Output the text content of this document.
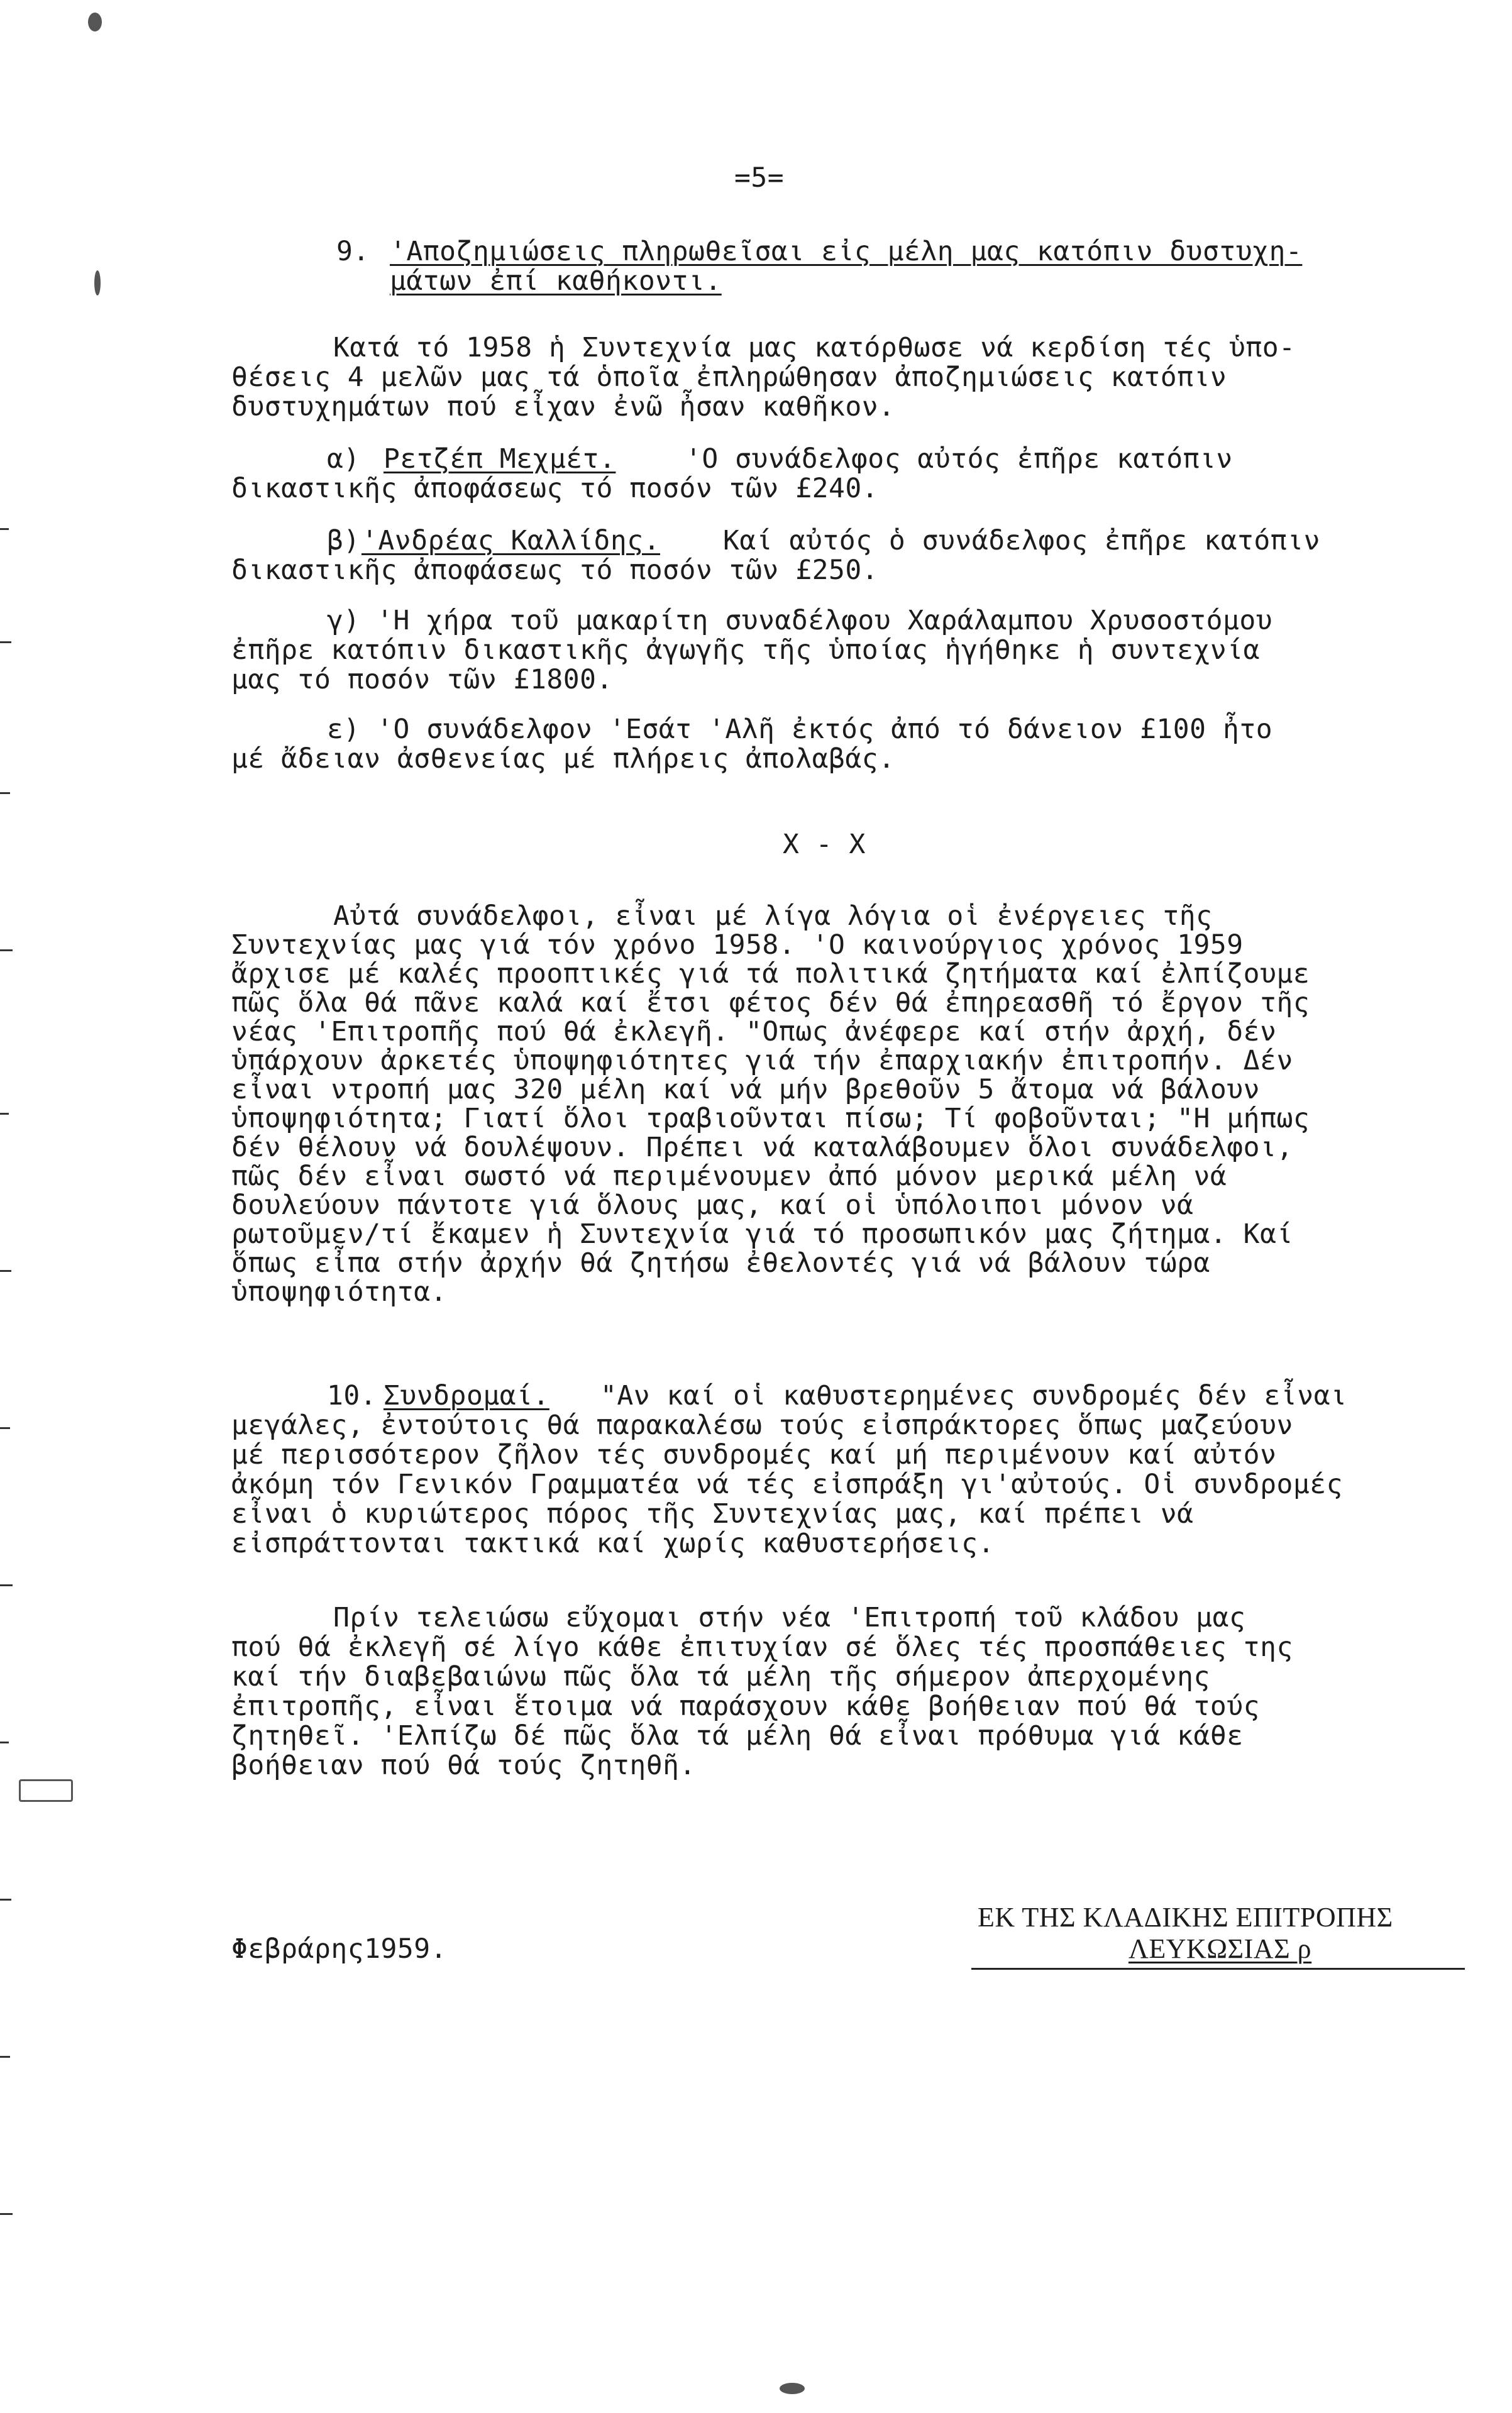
=5=
9. 'Αποζημιώσεις πληρωθεῖσαι εἰς μέλη μας κατόπιν δυστυχη-
μάτων ἐπί καθήκοντι.
Κατά τό 1958 ἡ Συντεχνία μας κατόρθωσε νά κερδίση τές ὑπο-
θέσεις 4 μελῶν μας τά ὁποῖα ἐπληρώθησαν ἀποζημιώσεις κατόπιν
δυστυχημάτων πού εἶχαν ἐνῶ ἦσαν καθῆκον.
α) Ρετζέπ Μεχμέτ.	'Ο συνάδελφος αὐτός ἐπῆρε κατόπιν
δικαστικῆς ἀποφάσεως τό ποσόν τῶν £240.
β) 'Ανδρέας Καλλίδης. Καί αὐτός ὁ συνάδελφος ἐπῆρε κατόπιν
δικαστικῆς ἀποφάσεως τό ποσόν τῶν £250.
γ) 'Η χήρα τοῦ μακαρίτη συναδέλφου Χαράλαμπου Χρυσοστόμου
ἐπῆρε κατόπιν δικαστικῆς ἀγωγῆς τῆς ὑποίας ἡγήθηκε ἡ συντεχνία
μας τό ποσόν τῶν £1800.
ε) 'Ο συνάδελφον 'Εσάτ 'Αλῆ ἐκτός ἀπό τό δάνειον £100 ἦτο
μέ ἄδειαν ἀσθενείας μέ πλήρεις ἀπολαβάς.
Χ - Χ
Αὐτά συνάδελφοι, εἶναι μέ λίγα λόγια οἱ ἐνέργειες τῆς
Συντεχνίας μας γιά τόν χρόνο 1958. 'Ο καινούργιος χρόνος 1959
ἄρχισε μέ καλές προοπτικές γιά τά πολιτικά ζητήματα καί ἐλπίζουμε
πῶς ὅλα θά πᾶνε καλά καί ἔτσι φέτος δέν θά ἐπηρεασθῆ τό ἔργον τῆς
νέας 'Επιτροπῆς πού θά ἐκλεγῆ. "Οπως ἀνέφερε καί στήν ἀρχή, δέν
ὑπάρχουν ἀρκετές ὑποψηφιότητες γιά τήν ἐπαρχιακήν ἐπιτροπήν. Δέν
εἶναι ντροπή μας 320 μέλη καί νά μήν βρεθοῦν 5 ἄτομα νά βάλουν
ὑποψηφιότητα; Γιατί ὅλοι τραβιοῦνται πίσω; Τί φοβοῦνται; "Η μήπως
δέν θέλουν νά δουλέψουν. Πρέπει νά καταλάβουμεν ὅλοι συνάδελφοι,
πῶς δέν εἶναι σωστό νά περιμένουμεν ἀπό μόνον μερικά μέλη νά
δουλεύουν πάντοτε γιά ὅλους μας, καί οἱ ὑπόλοιποι μόνον νά
ρωτοῦμεν/τί ἔκαμεν ἡ Συντεχνία γιά τό προσωπικόν μας ζήτημα. Καί
ὅπως εἶπα στήν ἀρχήν θά ζητήσω ἐθελοντές γιά νά βάλουν τώρα
ὑποψηφιότητα.
10. Συνδρομαί. "Αν καί οἱ καθυστερημένες συνδρομές δέν εἶναι
μεγάλες, ἐντούτοις θά παρακαλέσω τούς εἰσπράκτορες ὅπως μαζεύουν
μέ περισσότερον ζῆλον τές συνδρομές καί μή περιμένουν καί αὐτόν
ἀκόμη τόν Γενικόν Γραμματέα νά τές εἰσπράξη γι'αὐτούς. Οἱ συνδρομές
εἶναι ὁ κυριώτερος πόρος τῆς Συντεχνίας μας, καί πρέπει νά
εἰσπράττονται τακτικά καί χωρίς καθυστερήσεις.
Πρίν τελειώσω εὔχομαι στήν νέα 'Επιτροπή τοῦ κλάδου μας
πού θά ἐκλεγῆ σέ λίγο κάθε ἐπιτυχίαν σέ ὅλες τές προσπάθειες της
καί τήν διαβεβαιώνω πῶς ὅλα τά μέλη τῆς σήμερον ἀπερχομένης
ἐπιτροπῆς, εἶναι ἕτοιμα νά παράσχουν κάθε βοήθειαν πού θά τούς
ζητηθεῖ. 'Ελπίζω δέ πῶς ὅλα τά μέλη θά εἶναι πρόθυμα γιά κάθε
βοήθειαν πού θά τούς ζητηθῆ.
Φεβράρης1959.
ΕΚ ΤΗΣ ΚΛΑΔΙΚΗΣ ΕΠΙΤΡΟΠΗΣ
ΛΕΥΚΩΣΙΑΣ ρ
